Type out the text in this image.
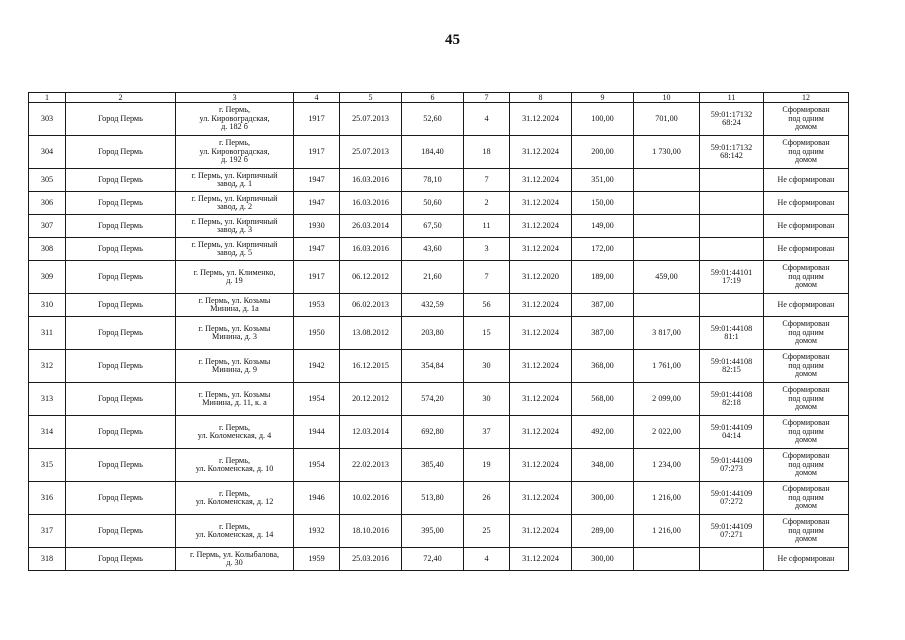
45
1	2	3	4	5	6	7	8	9	10	11	12
303	Город Пермь	г. Пермь,
ул. Кировоградская,
д. 182 б	1917	25.07.2013	52,60	4	31.12.2024	100,00	701,00	59:01:17132
68:24	Сформирован
под одним
домом
304	Город Пермь	г. Пермь,
ул. Кировоградская,
д. 192 б	1917	25.07.2013	184,40	18	31.12.2024	200,00	1 730,00	59:01:17132
68:142	Сформирован
под одним
домом
305	Город Пермь	г. Пермь, ул. Кирпичный
завод, д. 1	1947	16.03.2016	78,10	7	31.12.2024	351,00			Не сформирован
306	Город Пермь	г. Пермь, ул. Кирпичный
завод, д. 2	1947	16.03.2016	50,60	2	31.12.2024	150,00			Не сформирован
307	Город Пермь	г. Пермь, ул. Кирпичный
завод, д. 3	1930	26.03.2014	67,50	11	31.12.2024	149,00			Не сформирован
308	Город Пермь	г. Пермь, ул. Кирпичный
завод, д. 5	1947	16.03.2016	43,60	3	31.12.2024	172,00			Не сформирован
309	Город Пермь	г. Пермь, ул. Клименко,
д. 19	1917	06.12.2012	21,60	7	31.12.2020	189,00	459,00	59:01:44101
17:19	Сформирован
под одним
домом
310	Город Пермь	г. Пермь, ул. Козьмы
Минина, д. 1а	1953	06.02.2013	432,59	56	31.12.2024	387,00			Не сформирован
311	Город Пермь	г. Пермь, ул. Козьмы
Минина, д. 3	1950	13.08.2012	203,80	15	31.12.2024	387,00	3 817,00	59:01:44108
81:1	Сформирован
под одним
домом
312	Город Пермь	г. Пермь, ул. Козьмы
Минина, д. 9	1942	16.12.2015	354,84	30	31.12.2024	368,00	1 761,00	59:01:44108
82:15	Сформирован
под одним
домом
313	Город Пермь	г. Пермь, ул. Козьмы
Минина, д. 11, к. а	1954	20.12.2012	574,20	30	31.12.2024	568,00	2 099,00	59:01:44108
82:18	Сформирован
под одним
домом
314	Город Пермь	г. Пермь,
ул. Коломенская, д. 4	1944	12.03.2014	692,80	37	31.12.2024	492,00	2 022,00	59:01:44109
04:14	Сформирован
под одним
домом
315	Город Пермь	г. Пермь,
ул. Коломенская, д. 10	1954	22.02.2013	385,40	19	31.12.2024	348,00	1 234,00	59:01:44109
07:273	Сформирован
под одним
домом
316	Город Пермь	г. Пермь,
ул. Коломенская, д. 12	1946	10.02.2016	513,80	26	31.12.2024	300,00	1 216,00	59:01:44109
07:272	Сформирован
под одним
домом
317	Город Пермь	г. Пермь,
ул. Коломенская, д. 14	1932	18.10.2016	395,00	25	31.12.2024	289,00	1 216,00	59:01:44109
07:271	Сформирован
под одним
домом
318	Город Пермь	г. Пермь, ул. Колыбалова,
д. 30	1959	25.03.2016	72,40	4	31.12.2024	300,00			Не сформирован
